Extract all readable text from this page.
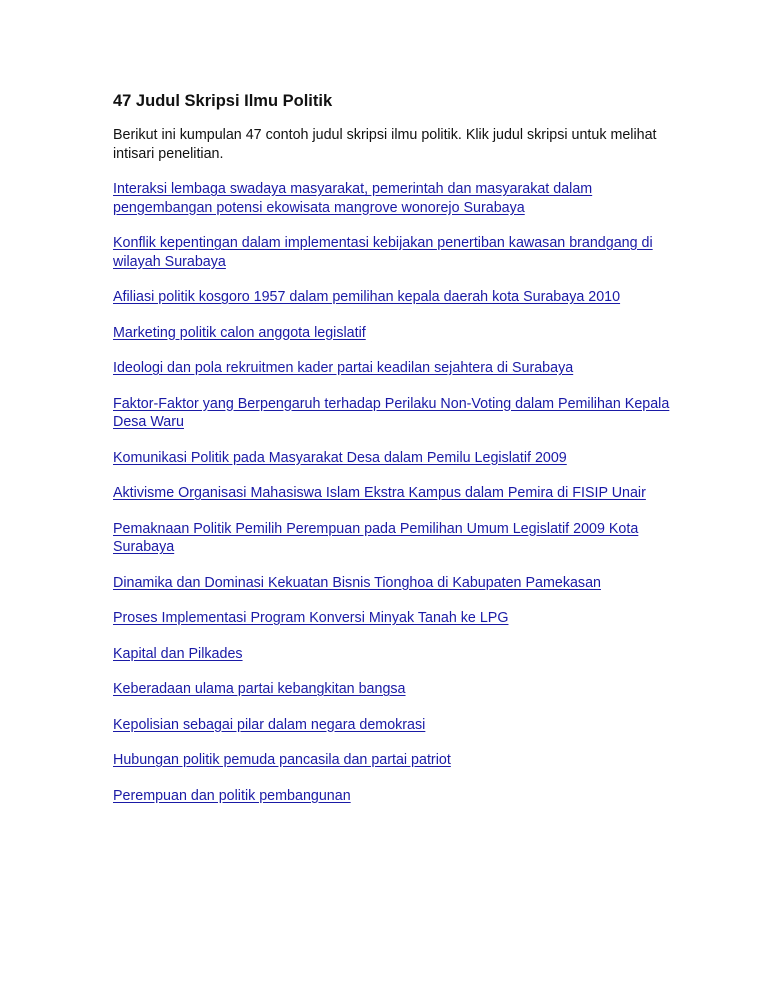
47 Judul Skripsi Ilmu Politik

Berikut ini kumpulan 47 contoh judul skripsi ilmu politik. Klik judul skripsi untuk melihat intisari penelitian.

Interaksi lembaga swadaya masyarakat, pemerintah dan masyarakat dalam pengembangan potensi ekowisata mangrove wonorejo Surabaya
Konflik kepentingan dalam implementasi kebijakan penertiban kawasan brandgang di wilayah Surabaya
Afiliasi politik kosgoro 1957 dalam pemilihan kepala daerah kota Surabaya 2010
Marketing politik calon anggota legislatif
Ideologi dan pola rekruitmen kader partai keadilan sejahtera di Surabaya
Faktor-Faktor yang Berpengaruh terhadap Perilaku Non-Voting dalam Pemilihan Kepala Desa Waru
Komunikasi Politik pada Masyarakat Desa dalam Pemilu Legislatif 2009
Aktivisme Organisasi Mahasiswa Islam Ekstra Kampus dalam Pemira di FISIP Unair
Pemaknaan Politik Pemilih Perempuan pada Pemilihan Umum Legislatif 2009 Kota Surabaya
Dinamika dan Dominasi Kekuatan Bisnis Tionghoa di Kabupaten Pamekasan
Proses Implementasi Program Konversi Minyak Tanah ke LPG
Kapital dan Pilkades
Keberadaan ulama partai kebangkitan bangsa
Kepolisian sebagai pilar dalam negara demokrasi
Hubungan politik pemuda pancasila dan partai patriot
Perempuan dan politik pembangunan
